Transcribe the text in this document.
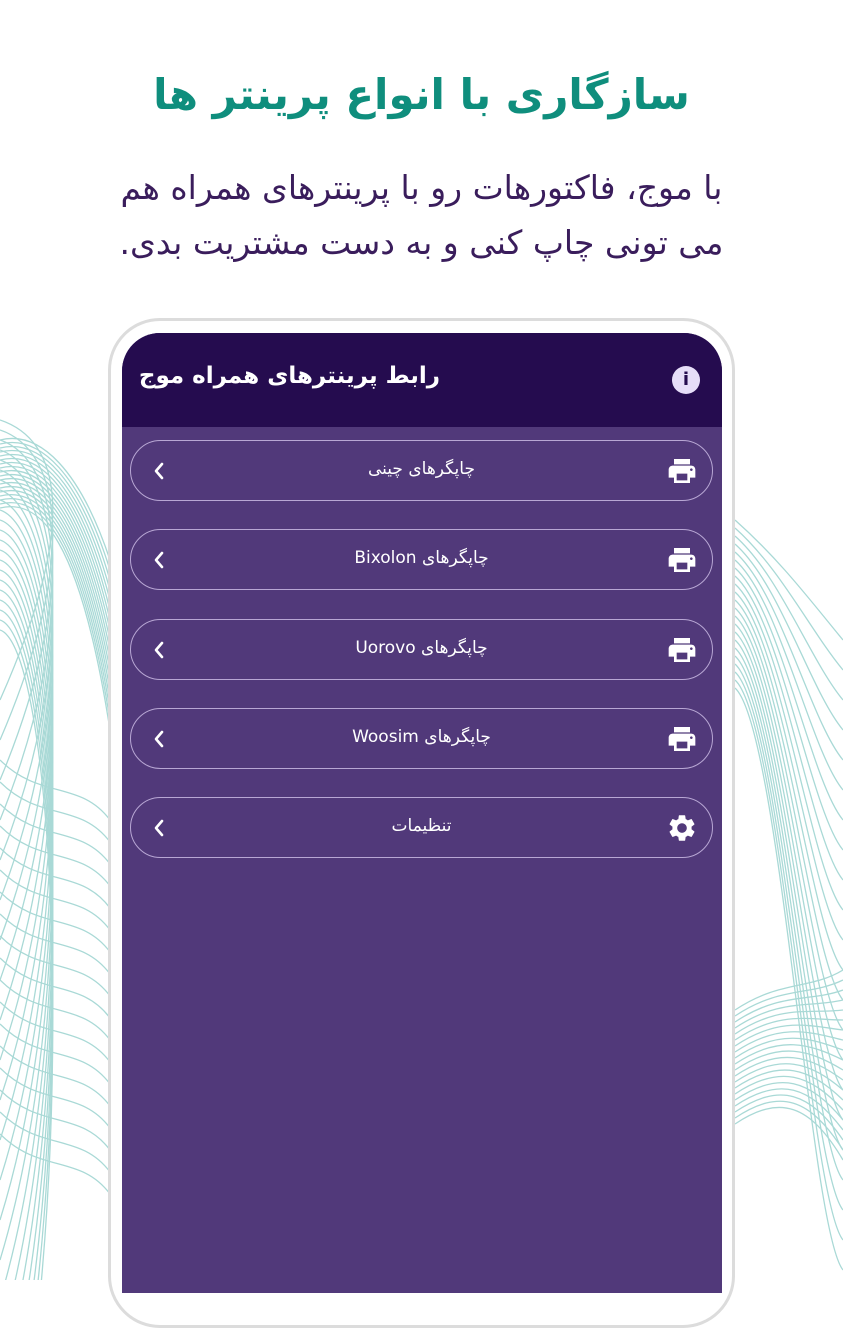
سازگاری با انواع پرینتر ها
با موج، فاکتورهات رو با پرینترهای همراه هم
می تونی چاپ کنی و به دست مشتریت بدی.
رابط پرینترهای همراه موج	i
چاپگرهای چینی
چاپگرهای Bixolon
چاپگرهای Uorovo
چاپگرهای Woosim
تنظیمات
